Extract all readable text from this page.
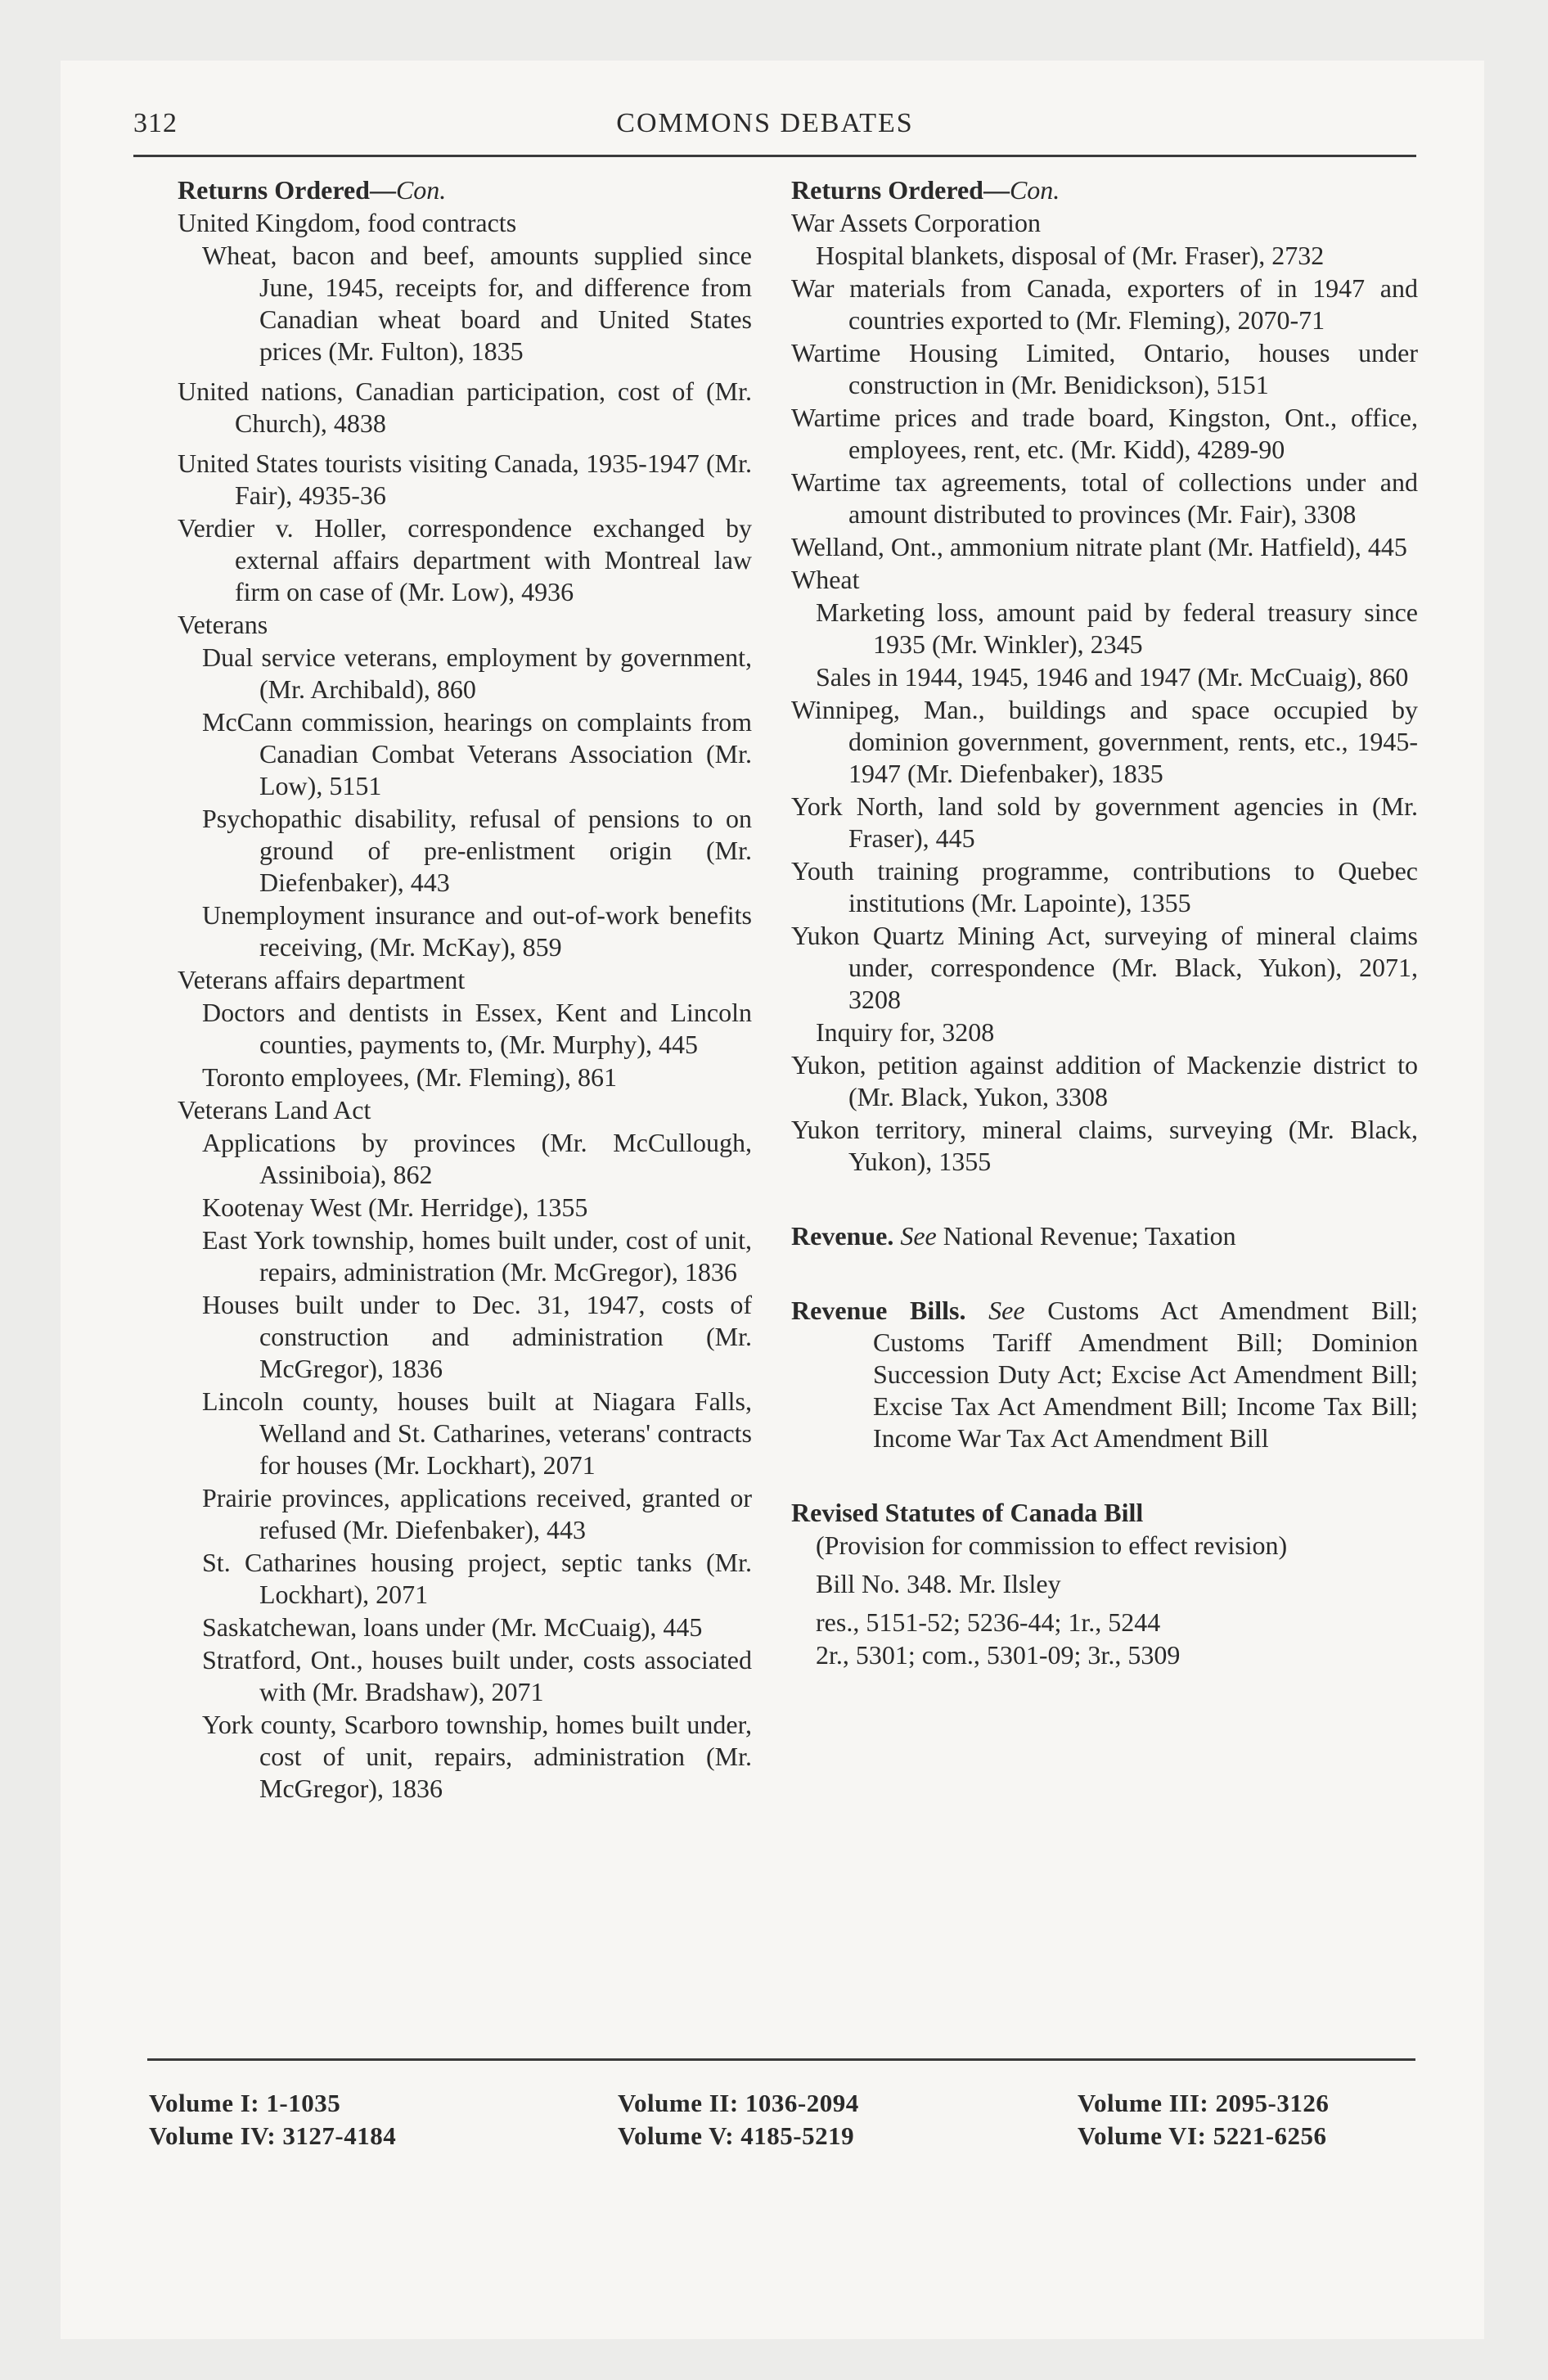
312	COMMONS DEBATES

Returns Ordered—Con.

United Kingdom, food contracts
Wheat, bacon and beef, amounts supplied since June, 1945, receipts for, and difference from Canadian wheat board and United States prices (Mr. Fulton), 1835
United nations, Canadian participation, cost of (Mr. Church), 4838
United States tourists visiting Canada, 1935-1947 (Mr. Fair), 4935-36
Verdier v. Holler, correspondence exchanged by external affairs department with Montreal law firm on case of (Mr. Low), 4936
Veterans
Dual service veterans, employment by government, (Mr. Archibald), 860
McCann commission, hearings on complaints from Canadian Combat Veterans Association (Mr. Low), 5151
Psychopathic disability, refusal of pensions to on ground of pre-enlistment origin (Mr. Diefenbaker), 443
Unemployment insurance and out-of-work benefits receiving, (Mr. McKay), 859
Veterans affairs department
Doctors and dentists in Essex, Kent and Lincoln counties, payments to, (Mr. Murphy), 445
Toronto employees, (Mr. Fleming), 861
Veterans Land Act
Applications by provinces (Mr. McCullough, Assiniboia), 862
Kootenay West (Mr. Herridge), 1355
East York township, homes built under, cost of unit, repairs, administration (Mr. McGregor), 1836
Houses built under to Dec. 31, 1947, costs of construction and administration (Mr. McGregor), 1836
Lincoln county, houses built at Niagara Falls, Welland and St. Catharines, veterans' contracts for houses (Mr. Lockhart), 2071
Prairie provinces, applications received, granted or refused (Mr. Diefenbaker), 443
St. Catharines housing project, septic tanks (Mr. Lockhart), 2071
Saskatchewan, loans under (Mr. McCuaig), 445
Stratford, Ont., houses built under, costs associated with (Mr. Bradshaw), 2071
York county, Scarboro township, homes built under, cost of unit, repairs, administration (Mr. McGregor), 1836

Returns Ordered—Con.

War Assets Corporation
Hospital blankets, disposal of (Mr. Fraser), 2732
War materials from Canada, exporters of in 1947 and countries exported to (Mr. Fleming), 2070-71
Wartime Housing Limited, Ontario, houses under construction in (Mr. Benidickson), 5151
Wartime prices and trade board, Kingston, Ont., office, employees, rent, etc. (Mr. Kidd), 4289-90
Wartime tax agreements, total of collections under and amount distributed to provinces (Mr. Fair), 3308
Welland, Ont., ammonium nitrate plant (Mr. Hatfield), 445
Wheat
Marketing loss, amount paid by federal treasury since 1935 (Mr. Winkler), 2345
Sales in 1944, 1945, 1946 and 1947 (Mr. McCuaig), 860
Winnipeg, Man., buildings and space occupied by dominion government, government, rents, etc., 1945-1947 (Mr. Diefenbaker), 1835
York North, land sold by government agencies in (Mr. Fraser), 445
Youth training programme, contributions to Quebec institutions (Mr. Lapointe), 1355
Yukon Quartz Mining Act, surveying of mineral claims under, correspondence (Mr. Black, Yukon), 2071, 3208
Inquiry for, 3208
Yukon, petition against addition of Mackenzie district to (Mr. Black, Yukon, 3308
Yukon territory, mineral claims, surveying (Mr. Black, Yukon), 1355
Revenue. See National Revenue; Taxation
Revenue Bills. See Customs Act Amendment Bill; Customs Tariff Amendment Bill; Dominion Succession Duty Act; Excise Act Amendment Bill; Excise Tax Act Amendment Bill; Income Tax Bill; Income War Tax Act Amendment Bill
Revised Statutes of Canada Bill
(Provision for commission to effect revision)
Bill No. 348. Mr. Ilsley
res., 5151-52; 5236-44; 1r., 5244
2r., 5301; com., 5301-09; 3r., 5309
Volume I: 1-1035
Volume IV: 3127-4184
Volume II: 1036-2094
Volume V: 4185-5219
Volume III: 2095-3126
Volume VI: 5221-6256
